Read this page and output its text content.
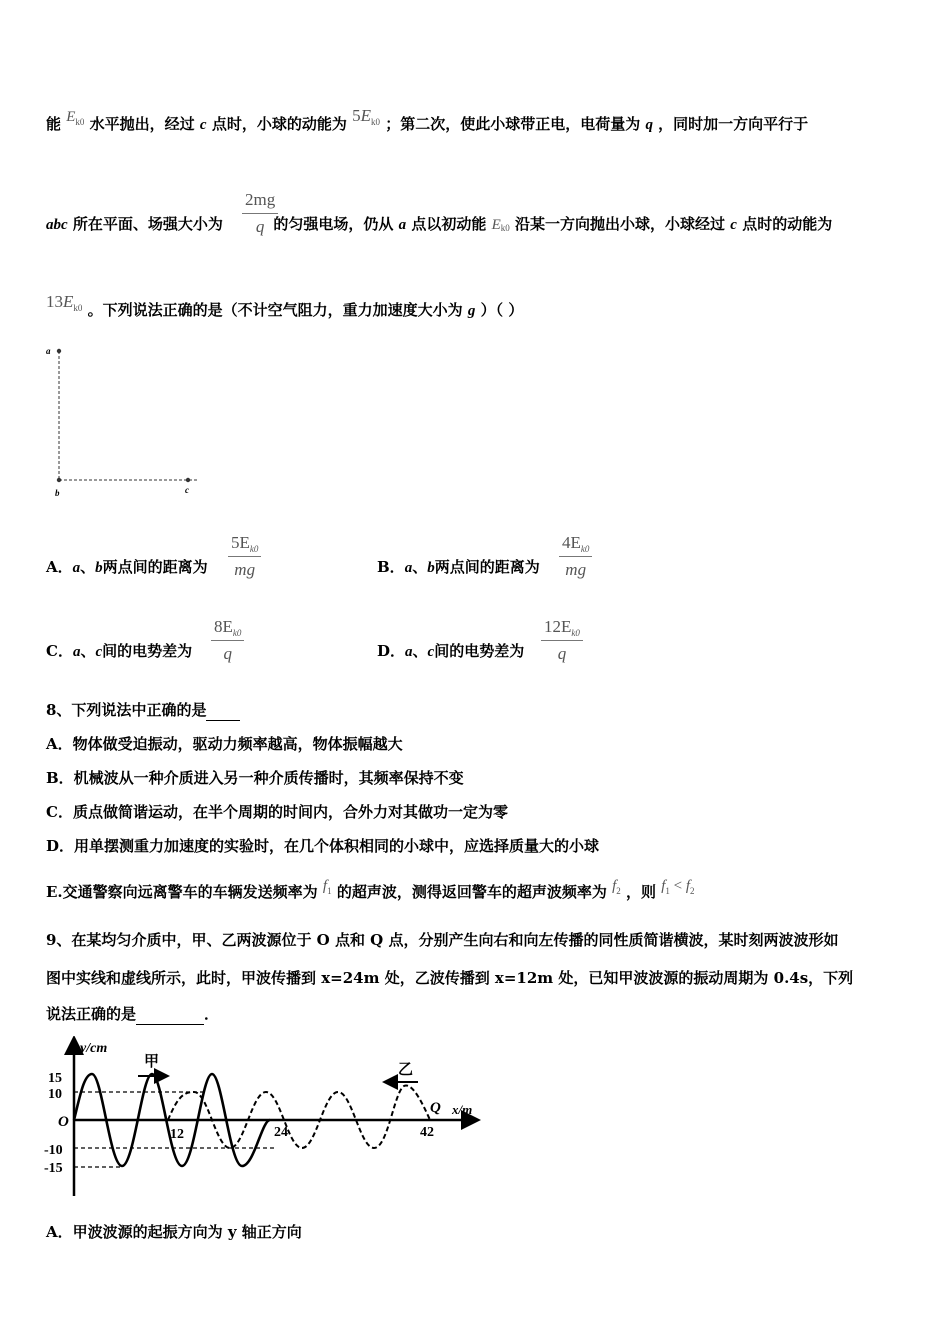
能 $E_{k0}$ 水平抛出，经过 c 点时，小球的动能为 $5E_{k0}$ ；第二次，使此小球带正电，电荷量为 q ，同时加一方向平行于
$\frac{2mg}{q}$
abc 所在平面、场强大小为	的匀强电场，仍从 a 点以初动能 Ek0 沿某一方向抛出小球，小球经过 c 点时的动能为
$13E_{k0}$ 。下列说法正确的是（不计空气阻力，重力加速度大小为 g ）（ ）
a
b	c
A．a、b两点间的距离为 $\frac{5E_{k0}}{mg}$	B．a、b两点间的距离为 $\frac{4E_{k0}}{mg}$
C．a、c间的电势差为 $\frac{8E_{k0}}{q}$	D．a、c间的电势差为 $\frac{12E_{k0}}{q}$
8、下列说法中正确的是
A．物体做受迫振动，驱动力频率越高，物体振幅越大
B．机械波从一种介质进入另一种介质传播时，其频率保持不变
C．质点做简谐运动，在半个周期的时间内，合外力对其做功一定为零
D．用单摆测重力加速度的实验时，在几个体积相同的小球中，应选择质量大的小球
E.交通警察向远离警车的车辆发送频率为 $f_1$ 的超声波，测得返回警车的超声波频率为 $f_2$ ，则 $f_1 < f_2$
9、在某均匀介质中，甲、乙两波源位于 O 点和 Q 点，分别产生向右和向左传播的同性质简谐横波，某时刻两波波形如
图中实线和虚线所示，此时，甲波传播到 x=24m 处，乙波传播到 x=12m 处，已知甲波波源的振动周期为 0.4s，下列
说法正确的是	．
y/cm
x/m
甲	乙
O
Q
15
10
-10
-15
12	24	42
A．甲波波源的起振方向为 y 轴正方向
